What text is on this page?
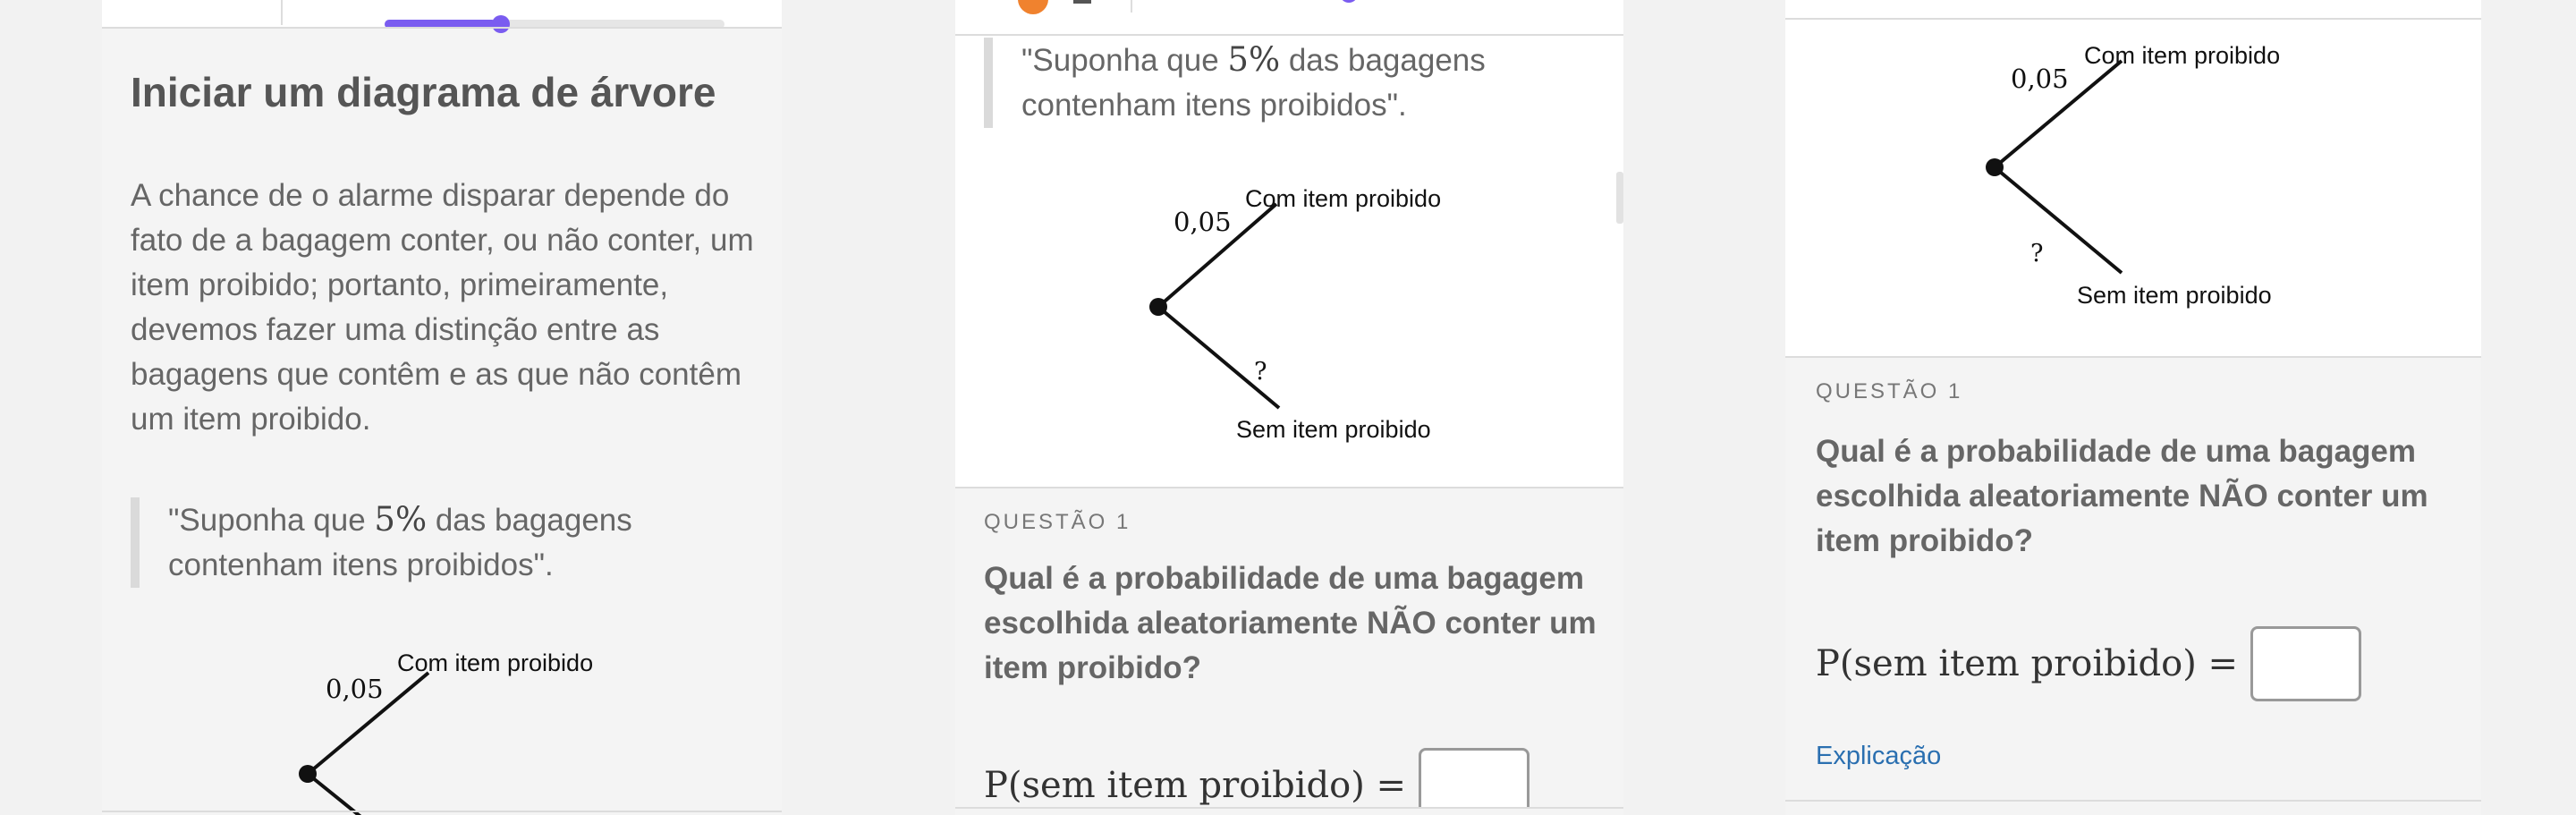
Iniciar um diagrama de árvore
A chance de o alarme disparar depende do fato de a bagagem conter, ou não conter, um item proibido; portanto, primeiramente, devemos fazer uma distinção entre as bagagens que contêm e as que não contêm um item proibido.
"Suponha que 5% das bagagens contenham itens proibidos".
Com item proibido
0,05
"Suponha que 5% das bagagens contenham itens proibidos".
Com item proibido
0,05
?
Sem item proibido
QUESTÃO 1
Qual é a probabilidade de uma bagagem escolhida aleatoriamente NÃO conter um item proibido?
P(sem item proibido) =
Com item proibido
0,05
?
Sem item proibido
QUESTÃO 1
Qual é a probabilidade de uma bagagem escolhida aleatoriamente NÃO conter um item proibido?
P(sem item proibido) =
Explicação
